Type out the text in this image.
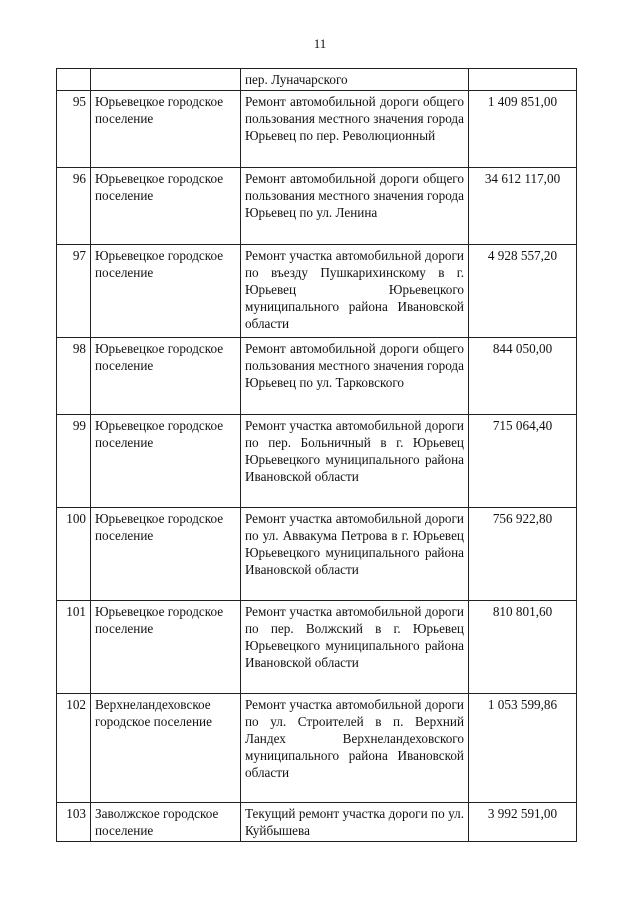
11
		пер. Луначарского	
95	Юрьевецкое городское поселение	Ремонт автомобильной дороги общего пользования местного значения города Юрьевец по пер. Революционный	1 409 851,00
96	Юрьевецкое городское поселение	Ремонт автомобильной дороги общего пользования местного значения города Юрьевец по ул. Ленина	34 612 117,00
97	Юрьевецкое городское поселение	Ремонт участка автомобильной дороги по въезду Пушкарихинскому в г. Юрьевец Юрьевецкого муниципального района Ивановской области	4 928 557,20
98	Юрьевецкое городское поселение	Ремонт автомобильной дороги общего пользования местного значения города Юрьевец по ул. Тарковского	844 050,00
99	Юрьевецкое городское поселение	Ремонт участка автомобильной дороги по пер. Больничный в г. Юрьевец Юрьевецкого муниципального района Ивановской области	715 064,40
100	Юрьевецкое городское поселение	Ремонт участка автомобильной дороги по ул. Аввакума Петрова в г. Юрьевец Юрьевецкого муниципального района Ивановской области	756 922,80
101	Юрьевецкое городское поселение	Ремонт участка автомобильной дороги по пер. Волжский в г. Юрьевец Юрьевецкого муниципального района Ивановской области	810 801,60
102	Верхнеландеховское городское поселение	Ремонт участка автомобильной дороги по ул. Строителей в п. Верхний Ландех Верхнеландеховского муниципального района Ивановской области	1 053 599,86
103	Заволжское городское поселение	Текущий ремонт участка дороги по ул. Куйбышева	3 992 591,00
